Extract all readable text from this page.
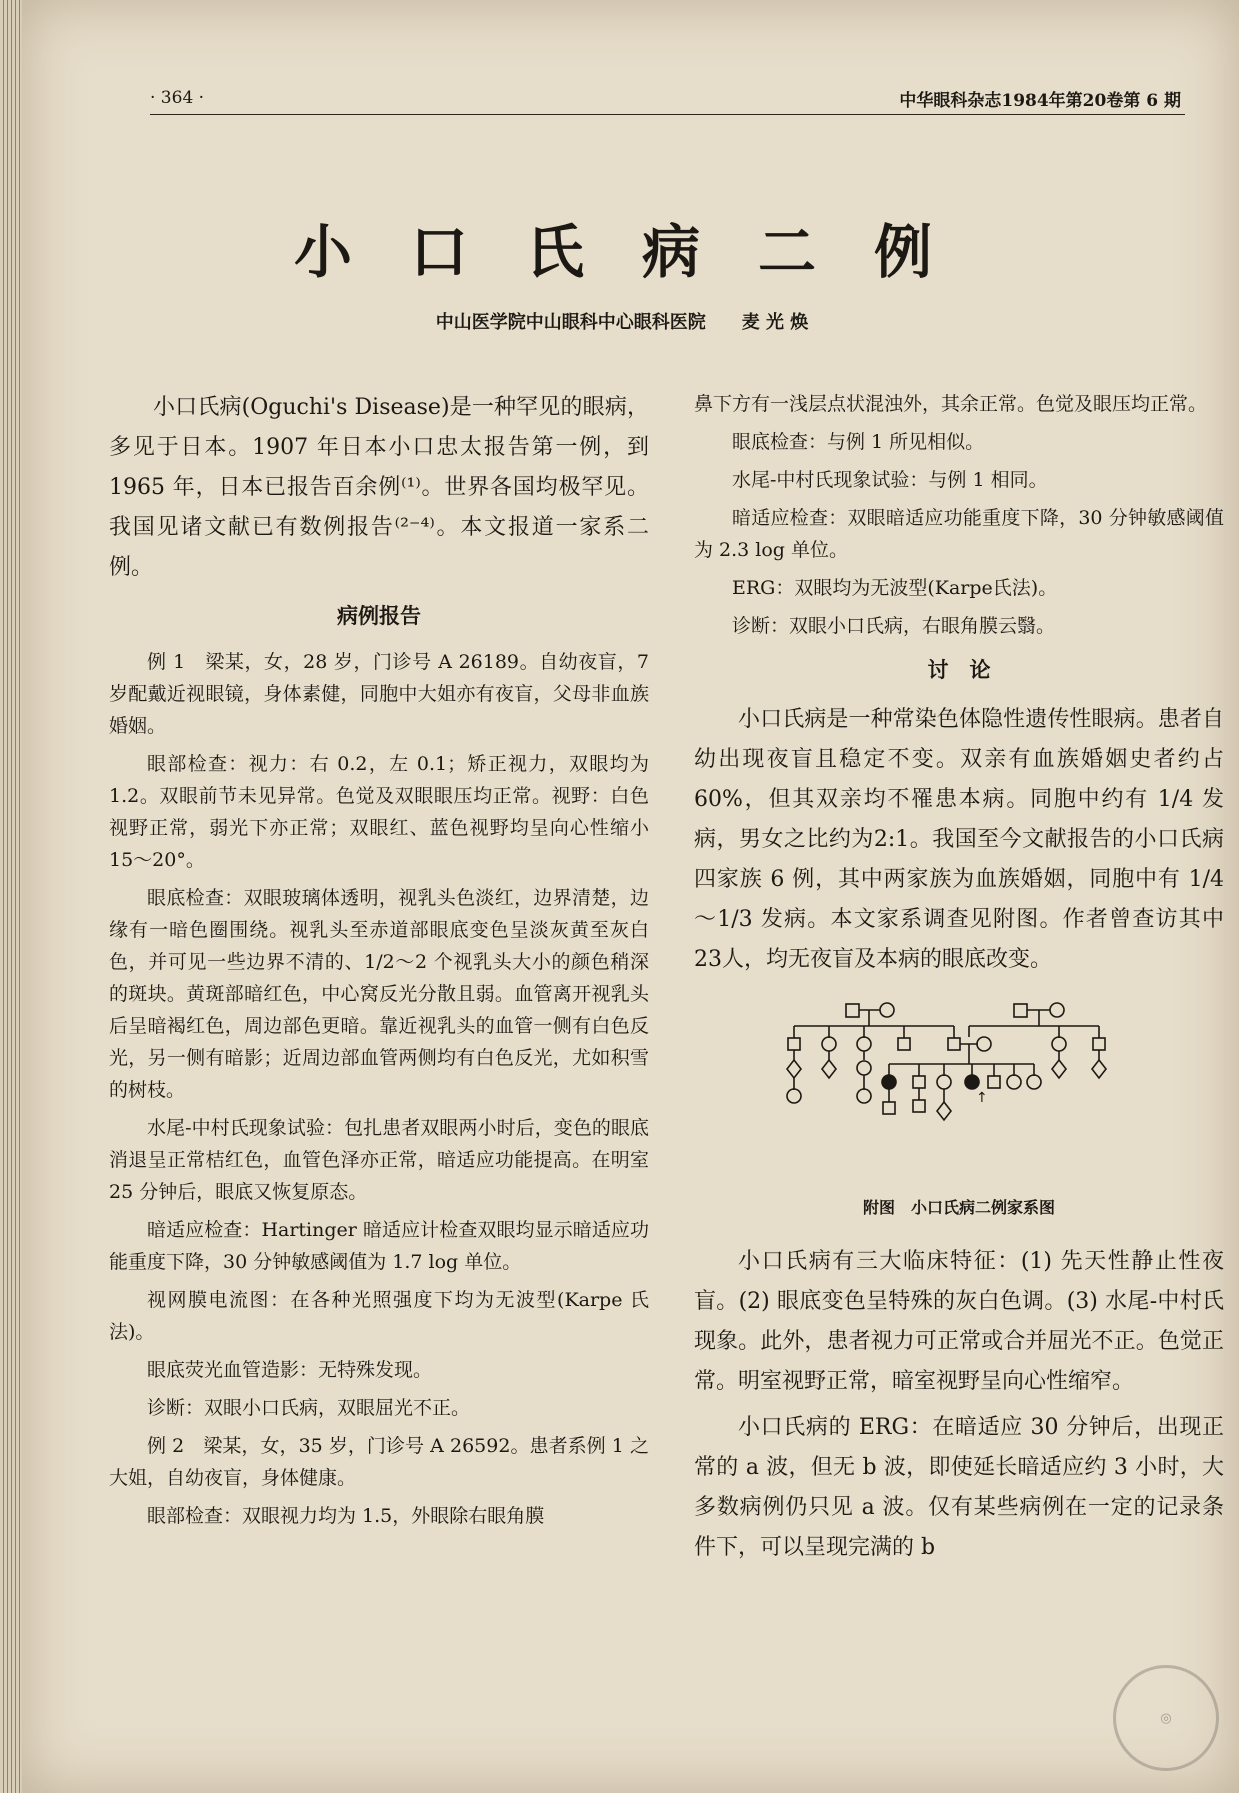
· 364 ·	中华眼科杂志1984年第20卷第 6 期
小口氏病二例
中山医学院中山眼科中心眼科医院　　麦 光 焕

小口氏病(Oguchi's Disease)是一种罕见的眼病，多见于日本。1907 年日本小口忠太报告第一例，到 1965 年，日本已报告百余例⁽¹⁾。世界各国均极罕见。我国见诸文献已有数例报告⁽²⁻⁴⁾。本文报道一家系二例。

病例报告

例 1　梁某，女，28 岁，门诊号 A 26189。自幼夜盲，7 岁配戴近视眼镜，身体素健，同胞中大姐亦有夜盲，父母非血族婚姻。

眼部检查：视力：右 0.2，左 0.1；矫正视力，双眼均为 1.2。双眼前节未见异常。色觉及双眼眼压均正常。视野：白色视野正常，弱光下亦正常；双眼红、蓝色视野均呈向心性缩小 15～20°。

眼底检查：双眼玻璃体透明，视乳头色淡红，边界清楚，边缘有一暗色圈围绕。视乳头至赤道部眼底变色呈淡灰黄至灰白色，并可见一些边界不清的、1/2～2 个视乳头大小的颜色稍深的斑块。黄斑部暗红色，中心窝反光分散且弱。血管离开视乳头后呈暗褐红色，周边部色更暗。靠近视乳头的血管一侧有白色反光，另一侧有暗影；近周边部血管两侧均有白色反光，尤如积雪的树枝。

水尾-中村氏现象试验：包扎患者双眼两小时后，变色的眼底消退呈正常桔红色，血管色泽亦正常，暗适应功能提高。在明室 25 分钟后，眼底又恢复原态。

暗适应检查：Hartinger 暗适应计检查双眼均显示暗适应功能重度下降，30 分钟敏感阈值为 1.7 log 单位。

视网膜电流图：在各种光照强度下均为无波型(Karpe 氏法)。

眼底荧光血管造影：无特殊发现。

诊断：双眼小口氏病，双眼屈光不正。

例 2　梁某，女，35 岁，门诊号 A 26592。患者系例 1 之大姐，自幼夜盲，身体健康。

眼部检查：双眼视力均为 1.5，外眼除右眼角膜

鼻下方有一浅层点状混浊外，其余正常。色觉及眼压均正常。

眼底检查：与例 1 所见相似。

水尾-中村氏现象试验：与例 1 相同。

暗适应检查：双眼暗适应功能重度下降，30 分钟敏感阈值为 2.3 log 单位。

ERG：双眼均为无波型(Karpe氏法)。

诊断：双眼小口氏病，右眼角膜云翳。

讨　论

小口氏病是一种常染色体隐性遗传性眼病。患者自幼出现夜盲且稳定不变。双亲有血族婚姻史者约占 60%，但其双亲均不罹患本病。同胞中约有 1/4 发病，男女之比约为2:1。我国至今文献报告的小口氏病四家族 6 例，其中两家族为血族婚姻，同胞中有 1/4～1/3 发病。本文家系调查见附图。作者曾查访其中23人，均无夜盲及本病的眼底改变。

↑
附图　小口氏病二例家系图

小口氏病有三大临床特征：(1) 先天性静止性夜盲。(2) 眼底变色呈特殊的灰白色调。(3) 水尾-中村氏现象。此外，患者视力可正常或合并屈光不正。色觉正常。明室视野正常，暗室视野呈向心性缩窄。

小口氏病的 ERG：在暗适应 30 分钟后，出现正常的 a 波，但无 b 波，即使延长暗适应约 3 小时，大多数病例仍只见 a 波。仅有某些病例在一定的记录条件下，可以呈现完满的 b

◎
